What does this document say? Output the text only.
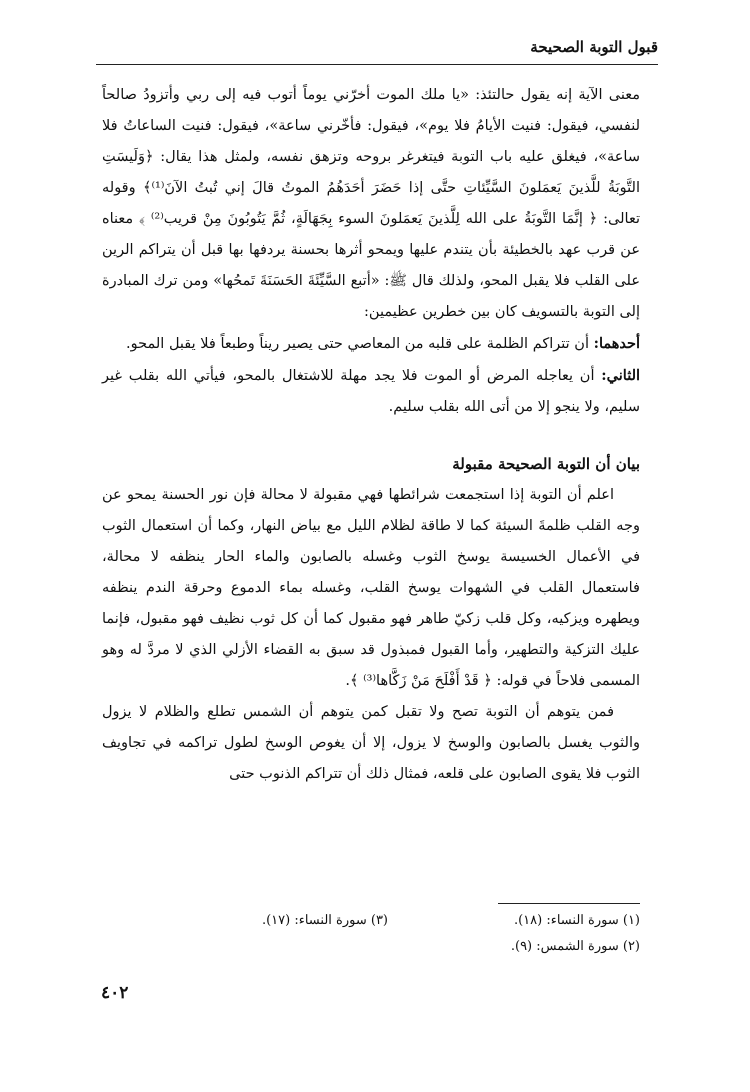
قبول التوبة الصحيحة

معنى الآية إنه يقول حالتئذ: «يا ملك الموت أخرّني يوماً أتوب فيه إلى ربي وأتزودُ صالحاً لنفسي، فيقول: فنيت الأيامُ فلا يوم»، فيقول: فأخّرني ساعة»، فيقول: فنيت الساعاتُ فلا ساعة»، فيغلق عليه باب التوبة فيتغرغر بروحه وتزهق نفسه، ولمثل هذا يقال: ﴿وَلَيسَتِ التَّوبَةُ للَّذينَ يَعمَلونَ السَّيِّئاتِ حتَّى إذا حَضَرَ أحَدَهُمُ الموتُ قالَ إني تُبتُ الآنَ⁽¹⁾﴾ وقوله تعالى: ﴿ إنَّمَا التَّوبَةُ على الله لِلَّذينَ يَعمَلونَ السوء بِجَهَالَةٍ، ثُمَّ يَتُوبُونَ مِنْ قريب⁽²⁾ ﴾ معناه عن قرب عهد بالخطيئة بأن يتندم عليها ويمحو أثرها بحسنة يردفها بها قبل أن يتراكم الرين على القلب فلا يقبل المحو، ولذلك قال ﷺ: «أتبع السَّيِّئَةَ الحَسَنَةَ تَمحُها» ومن ترك المبادرة إلى التوبة بالتسويف كان بين خطرين عظيمين:

أحدهما: أن تتراكم الظلمة على قلبه من المعاصي حتى يصير ريناً وطبعاً فلا يقبل المحو.

الثاني: أن يعاجله المرض أو الموت فلا يجد مهلة للاشتغال بالمحو، فيأتي الله بقلب غير سليم، ولا ينجو إلا من أتى الله بقلب سليم.

بيان أن التوبة الصحيحة مقبولة

اعلم أن التوبة إذا استجمعت شرائطها فهي مقبولة لا محالة فإن نور الحسنة يمحو عن وجه القلب ظلمةَ السيئة كما لا طاقة لظلام الليل مع بياض النهار، وكما أن استعمال الثوب في الأعمال الخسيسة يوسخ الثوب وغسله بالصابون والماء الحار ينظفه لا محالة، فاستعمال القلب في الشهوات يوسخ القلب، وغسله بماء الدموع وحرقة الندم ينظفه ويطهره ويزكيه، وكل قلب زكيّ طاهر فهو مقبول كما أن كل ثوب نظيف فهو مقبول، فإنما عليك التزكية والتطهير، وأما القبول فمبذول قد سبق به القضاء الأزلي الذي لا مردَّ له وهو المسمى فلاحاً في قوله: ﴿ قَدْ أَفْلَحَ مَنْ زَكَّاها⁽³⁾ ﴾.

فمن يتوهم أن التوبة تصح ولا تقبل كمن يتوهم أن الشمس تطلع والظلام لا يزول والثوب يغسل بالصابون والوسخ لا يزول، إلا أن يغوص الوسخ لطول تراكمه في تجاويف الثوب فلا يقوى الصابون على قلعه، فمثال ذلك أن تتراكم الذنوب حتى

(١) سورة النساء: (١٨).
(٢) سورة الشمس: (٩).
(٣) سورة النساء: (١٧).
٤٠٢
